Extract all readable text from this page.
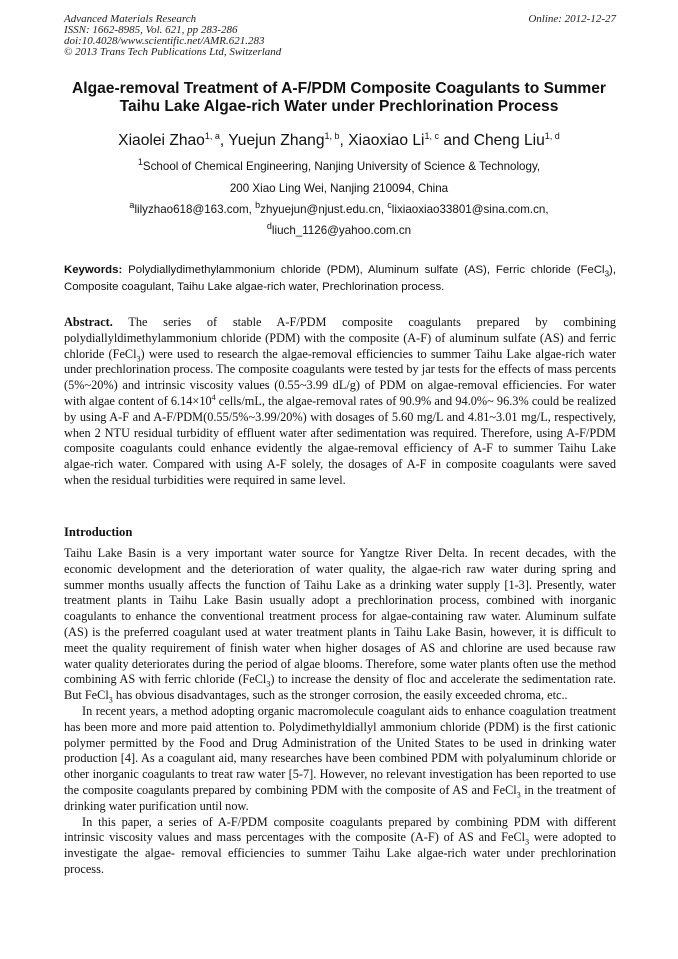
Advanced Materials Research
ISSN: 1662-8985, Vol. 621, pp 283-286
doi:10.4028/www.scientific.net/AMR.621.283
© 2013 Trans Tech Publications Ltd, Switzerland
Online: 2012-12-27
Algae-removal Treatment of A-F/PDM Composite Coagulants to Summer
Taihu Lake Algae-rich Water under Prechlorination Process
Xiaolei Zhao$^{1, a}$, Yuejun Zhang$^{1, b}$, Xiaoxiao Li$^{1, c}$ and Cheng Liu$^{1, d}$
$^1$School of Chemical Engineering, Nanjing University of Science & Technology,
200 Xiao Ling Wei, Nanjing 210094, China
$^a$lilyzhao618@163.com, $^b$zhyuejun@njust.edu.cn, $^c$lixiaoxiao33801@sina.com.cn,
$^d$liuch_1126@yahoo.com.cn
Keywords: Polydiallydimethylammonium chloride (PDM), Aluminum sulfate (AS), Ferric chloride (FeCl$_3$), Composite coagulant, Taihu Lake algae-rich water, Prechlorination process.
Abstract. The series of stable A-F/PDM composite coagulants prepared by combining polydiallyldimethylammonium chloride (PDM) with the composite (A-F) of aluminum sulfate (AS) and ferric chloride (FeCl$_3$) were used to research the algae-removal efficiencies to summer Taihu Lake algae-rich water under prechlorination process. The composite coagulants were tested by jar tests for the effects of mass percents (5%~20%) and intrinsic viscosity values (0.55~3.99 dL/g) of PDM on algae-removal efficiencies. For water with algae content of $6.14\times 10^4$ cells/mL, the algae-removal rates of 90.9% and 94.0%~ 96.3% could be realized by using A-F and A-F/PDM(0.55/5%~3.99/20%) with dosages of 5.60 mg/L and 4.81~3.01 mg/L, respectively, when 2 NTU residual turbidity of effluent water after sedimentation was required. Therefore, using A-F/PDM composite coagulants could enhance evidently the algae-removal efficiency of A-F to summer Taihu Lake algae-rich water. Compared with using A-F solely, the dosages of A-F in composite coagulants were saved when the residual turbidities were required in same level.
Introduction

Taihu Lake Basin is a very important water source for Yangtze River Delta. In recent decades, with the economic development and the deterioration of water quality, the algae-rich raw water during spring and summer months usually affects the function of Taihu Lake as a drinking water supply [1-3]. Presently, water treatment plants in Taihu Lake Basin usually adopt a prechlorination process, combined with inorganic coagulants to enhance the conventional treatment process for algae-containing raw water. Aluminum sulfate (AS) is the preferred coagulant used at water treatment plants in Taihu Lake Basin, however, it is difficult to meet the quality requirement of finish water when higher dosages of AS and chlorine are used because raw water quality deteriorates during the period of algae blooms. Therefore, some water plants often use the method combining AS with ferric chloride (FeCl$_3$) to increase the density of floc and accelerate the sedimentation rate. But FeCl$_3$ has obvious disadvantages, such as the stronger corrosion, the easily exceeded chroma, etc..

In recent years, a method adopting organic macromolecule coagulant aids to enhance coagulation treatment has been more and more paid attention to. Polydimethyldiallyl ammonium chloride (PDM) is the first cationic polymer permitted by the Food and Drug Administration of the United States to be used in drinking water production [4]. As a coagulant aid, many researches have been combined PDM with polyaluminum chloride or other inorganic coagulants to treat raw water [5-7]. However, no relevant investigation has been reported to use the composite coagulants prepared by combining PDM with the composite of AS and FeCl$_3$ in the treatment of drinking water purification until now.

In this paper, a series of A-F/PDM composite coagulants prepared by combining PDM with different intrinsic viscosity values and mass percentages with the composite (A-F) of AS and FeCl$_3$ were adopted to investigate the algae- removal efficiencies to summer Taihu Lake algae-rich water under prechlorination process.
